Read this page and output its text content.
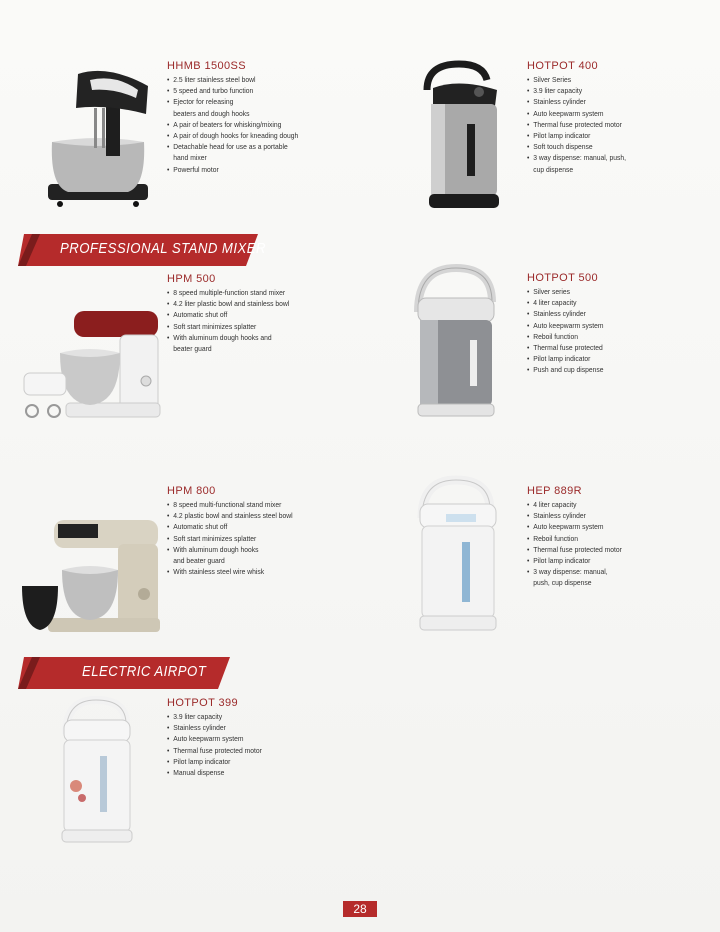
HHMB 1500SS
• 2.5 liter stainless steel bowl
• 5 speed and turbo function
• Ejector for releasing
beaters and dough hooks
• A pair of beaters for whisking/mixing
• A pair of dough hooks for kneading dough
• Detachable head for use as a portable
hand mixer
• Powerful motor
HOTPOT 400
• Silver Series
• 3.9 liter capacity
• Stainless cylinder
• Auto keepwarm system
• Thermal fuse protected motor
• Pilot lamp indicator
• Soft touch dispense
• 3 way dispense: manual, push,
cup dispense
PROFESSIONAL STAND MIXER
HPM 500
• 8 speed multiple-function stand mixer
• 4.2 liter plastic bowl and stainless bowl
• Automatic shut off
• Soft start minimizes splatter
• With aluminum dough hooks and
beater guard
HOTPOT 500
• Silver series
• 4 liter capacity
• Stainless cylinder
• Auto keepwarm system
• Reboil function
• Thermal fuse protected
• Pilot lamp indicator
• Push and cup dispense
HPM 800
• 8 speed multi-functional stand mixer
• 4.2 plastic bowl and stainless steel bowl
• Automatic shut off
• Soft start minimizes splatter
• With aluminum dough hooks
and beater guard
• With stainless steel wire whisk
HEP 889R
• 4 liter capacity
• Stainless cylinder
• Auto keepwarm system
• Reboil function
• Thermal fuse protected motor
• Pilot lamp indicator
• 3 way dispense: manual,
push, cup dispense
ELECTRIC AIRPOT
HOTPOT 399
• 3.9 liter capacity
• Stainless cylinder
• Auto keepwarm system
• Thermal fuse protected motor
• Pilot lamp indicator
• Manual dispense
28
